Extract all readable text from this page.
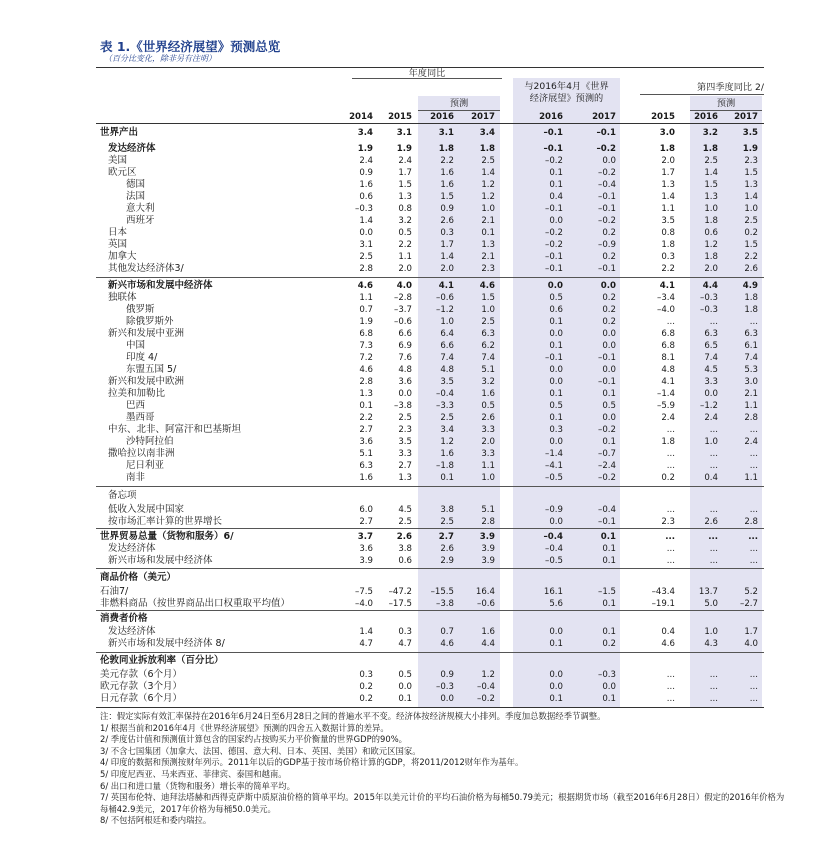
表 1.《世界经济展望》预测总览
（百分比变化，除非另有注明）
年度同比
与2016年4月《世界
经济展望》预测的
第四季度同比 2/
预测	预测
2014	2015	2016	2017	2016	2017	2015	2016	2017
世界产出	3.4	3.1	3.1	3.4	–0.1	–0.1	3.0	3.2	3.5
发达经济体	1.9	1.9	1.8	1.8	–0.1	–0.2	1.8	1.8	1.9
美国	2.4	2.4	2.2	2.5	–0.2	0.0	2.0	2.5	2.3
欧元区	0.9	1.7	1.6	1.4	0.1	–0.2	1.7	1.4	1.5
德国	1.6	1.5	1.6	1.2	0.1	–0.4	1.3	1.5	1.3
法国	0.6	1.3	1.5	1.2	0.4	–0.1	1.4	1.3	1.4
意大利	–0.3	0.8	0.9	1.0	–0.1	–0.1	1.1	1.0	1.0
西班牙	1.4	3.2	2.6	2.1	0.0	–0.2	3.5	1.8	2.5
日本	0.0	0.5	0.3	0.1	–0.2	0.2	0.8	0.6	0.2
英国	3.1	2.2	1.7	1.3	–0.2	–0.9	1.8	1.2	1.5
加拿大	2.5	1.1	1.4	2.1	–0.1	0.2	0.3	1.8	2.2
其他发达经济体3/	2.8	2.0	2.0	2.3	–0.1	–0.1	2.2	2.0	2.6
新兴市场和发展中经济体	4.6	4.0	4.1	4.6	0.0	0.0	4.1	4.4	4.9
独联体	1.1	–2.8	–0.6	1.5	0.5	0.2	–3.4	–0.3	1.8
俄罗斯	0.7	–3.7	–1.2	1.0	0.6	0.2	–4.0	–0.3	1.8
除俄罗斯外	1.9	–0.6	1.0	2.5	0.1	0.2	...	...	...
新兴和发展中亚洲	6.8	6.6	6.4	6.3	0.0	0.0	6.8	6.3	6.3
中国	7.3	6.9	6.6	6.2	0.1	0.0	6.8	6.5	6.1
印度 4/	7.2	7.6	7.4	7.4	–0.1	–0.1	8.1	7.4	7.4
东盟五国 5/	4.6	4.8	4.8	5.1	0.0	0.0	4.8	4.5	5.3
新兴和发展中欧洲	2.8	3.6	3.5	3.2	0.0	–0.1	4.1	3.3	3.0
拉美和加勒比	1.3	0.0	–0.4	1.6	0.1	0.1	–1.4	0.0	2.1
巴西	0.1	–3.8	–3.3	0.5	0.5	0.5	–5.9	–1.2	1.1
墨西哥	2.2	2.5	2.5	2.6	0.1	0.0	2.4	2.4	2.8
中东、北非、阿富汗和巴基斯坦	2.7	2.3	3.4	3.3	0.3	–0.2	...	...	...
沙特阿拉伯	3.6	3.5	1.2	2.0	0.0	0.1	1.8	1.0	2.4
撒哈拉以南非洲	5.1	3.3	1.6	3.3	–1.4	–0.7	...	...	...
尼日利亚	6.3	2.7	–1.8	1.1	–4.1	–2.4	...	...	...
南非	1.6	1.3	0.1	1.0	–0.5	–0.2	0.2	0.4	1.1
备忘项
低收入发展中国家	6.0	4.5	3.8	5.1	–0.9	–0.4	...	...	...
按市场汇率计算的世界增长	2.7	2.5	2.5	2.8	0.0	–0.1	2.3	2.6	2.8
世界贸易总量（货物和服务）6/	3.7	2.6	2.7	3.9	–0.4	0.1	...	...	...
发达经济体	3.6	3.8	2.6	3.9	–0.4	0.1	...	...	...
新兴市场和发展中经济体	3.9	0.6	2.9	3.9	–0.5	0.1	...	...	...
商品价格（美元）
石油7/	–7.5	–47.2	–15.5	16.4	16.1	–1.5	–43.4	13.7	5.2
非燃料商品（按世界商品出口权重取平均值）	–4.0	–17.5	–3.8	–0.6	5.6	0.1	–19.1	5.0	–2.7
消费者价格
发达经济体	1.4	0.3	0.7	1.6	0.0	0.1	0.4	1.0	1.7
新兴市场和发展中经济体 8/	4.7	4.7	4.6	4.4	0.1	0.2	4.6	4.3	4.0
伦敦同业拆放利率（百分比）
美元存款（6个月）	0.3	0.5	0.9	1.2	0.0	–0.3	...	...	...
欧元存款（3个月）	0.2	0.0	–0.3	–0.4	0.0	0.0	...	...	...
日元存款（6个月）	0.2	0.1	0.0	–0.2	0.1	0.1	...	...	...
注：假定实际有效汇率保持在2016年6月24日至6月28日之间的普遍水平不变。经济体按经济规模大小排列。季度加总数据经季节调整。
1/ 根据当前和2016年4月《世界经济展望》预测的四舍五入数据计算的差异。
2/ 季度估计值和预测值计算包含的国家约占按购买力平价衡量的世界GDP的90%。
3/ 不含七国集团（加拿大、法国、德国、意大利、日本、英国、美国）和欧元区国家。
4/ 印度的数据和预测按财年列示。2011年以后的GDP基于按市场价格计算的GDP，将2011/2012财年作为基年。
5/ 印度尼西亚、马来西亚、菲律宾、泰国和越南。
6/ 出口和进口量（货物和服务）增长率的简单平均。
7/ 英国布伦特、迪拜法塔赫和西得克萨斯中质原油价格的简单平均。2015年以美元计价的平均石油价格为每桶50.79美元；根据期货市场（截至2016年6月28日）假定的2016年价格为每桶42.9美元，2017年价格为每桶50.0美元。
8/ 不包括阿根廷和委内瑞拉。
